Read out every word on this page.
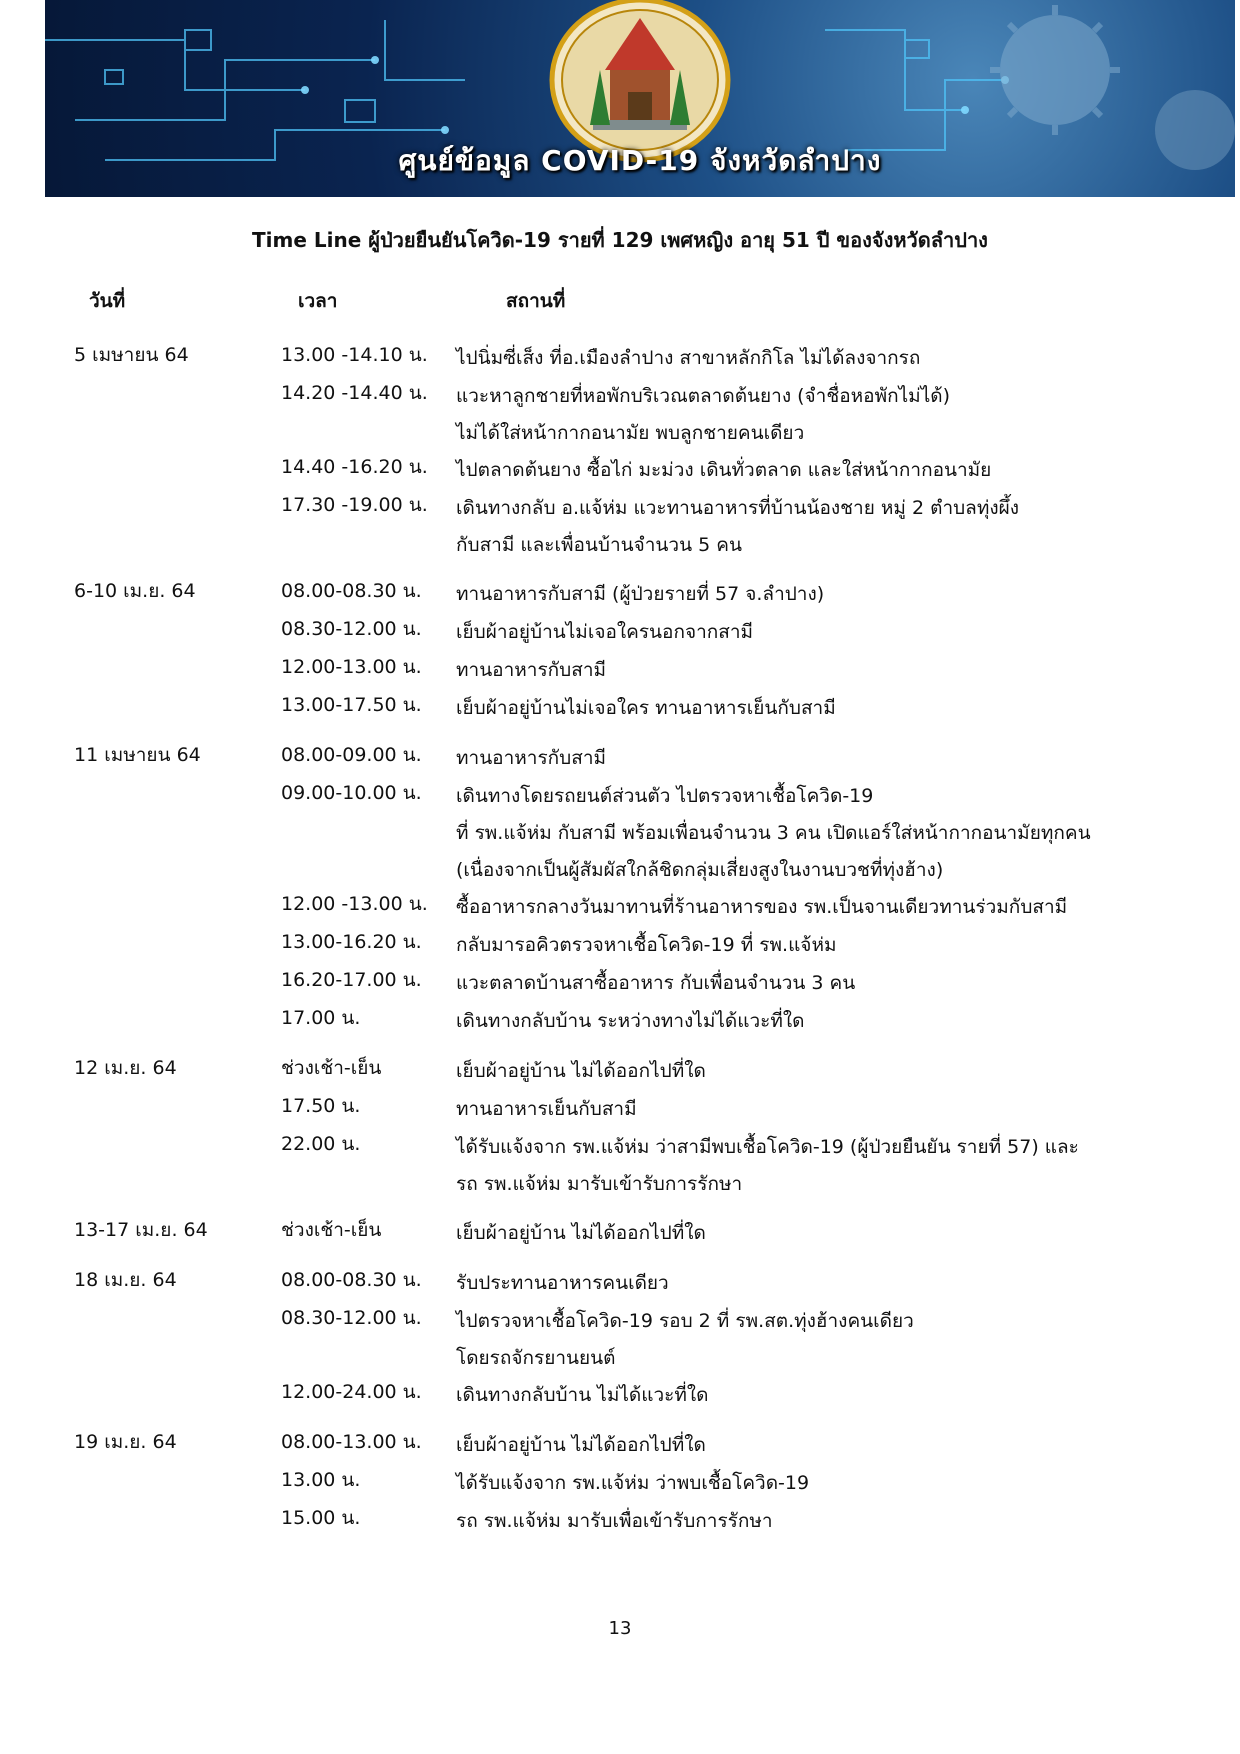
ศูนย์ข้อมูล COVID-19 จังหวัดลำปาง
Time Line ผู้ป่วยยืนยันโควิด-19 รายที่ 129 เพศหญิง อายุ 51 ปี ของจังหวัดลำปาง
วันที่	เวลา	สถานที่
5 เมษายน 64	13.00 -14.10 น. ไปนิ่มซี่เส็ง ที่อ.เมืองลำปาง สาขาหลักกิโล ไม่ได้ลงจากรถ
14.20 -14.40 น. แวะหาลูกชายที่หอพักบริเวณตลาดต้นยาง (จำชื่อหอพักไม่ได้)
ไม่ได้ใส่หน้ากากอนามัย พบลูกชายคนเดียว
14.40 -16.20 น. ไปตลาดต้นยาง ซื้อไก่ มะม่วง เดินทั่วตลาด และใส่หน้ากากอนามัย
17.30 -19.00 น. เดินทางกลับ อ.แจ้ห่ม แวะทานอาหารที่บ้านน้องชาย หมู่ 2 ตำบลทุ่งผึ้ง
กับสามี และเพื่อนบ้านจำนวน 5 คน
6-10 เม.ย. 64	08.00-08.30 น. ทานอาหารกับสามี (ผู้ป่วยรายที่ 57 จ.ลำปาง)
08.30-12.00 น. เย็บผ้าอยู่บ้านไม่เจอใครนอกจากสามี
12.00-13.00 น. ทานอาหารกับสามี
13.00-17.50 น. เย็บผ้าอยู่บ้านไม่เจอใคร ทานอาหารเย็นกับสามี
11 เมษายน 64	08.00-09.00 น. ทานอาหารกับสามี
09.00-10.00 น. เดินทางโดยรถยนต์ส่วนตัว ไปตรวจหาเชื้อโควิด-19
ที่ รพ.แจ้ห่ม กับสามี พร้อมเพื่อนจำนวน 3 คน เปิดแอร์ใส่หน้ากากอนามัยทุกคน
(เนื่องจากเป็นผู้สัมผัสใกล้ชิดกลุ่มเสี่ยงสูงในงานบวชที่ทุ่งฮ้าง)
12.00 -13.00 น. ซื้ออาหารกลางวันมาทานที่ร้านอาหารของ รพ.เป็นจานเดียวทานร่วมกับสามี
13.00-16.20 น. กลับมารอคิวตรวจหาเชื้อโควิด-19 ที่ รพ.แจ้ห่ม
16.20-17.00 น. แวะตลาดบ้านสาซื้ออาหาร กับเพื่อนจำนวน 3 คน
17.00 น.	เดินทางกลับบ้าน ระหว่างทางไม่ได้แวะที่ใด
12 เม.ย. 64	ช่วงเช้า-เย็น	เย็บผ้าอยู่บ้าน ไม่ได้ออกไปที่ใด
17.50 น.	ทานอาหารเย็นกับสามี
22.00 น.	ได้รับแจ้งจาก รพ.แจ้ห่ม ว่าสามีพบเชื้อโควิด-19 (ผู้ป่วยยืนยัน รายที่ 57) และ
รถ รพ.แจ้ห่ม มารับเข้ารับการรักษา
13-17 เม.ย. 64	ช่วงเช้า-เย็น	เย็บผ้าอยู่บ้าน ไม่ได้ออกไปที่ใด
18 เม.ย. 64	08.00-08.30 น. รับประทานอาหารคนเดียว
08.30-12.00 น. ไปตรวจหาเชื้อโควิด-19 รอบ 2 ที่ รพ.สต.ทุ่งฮ้างคนเดียว
โดยรถจักรยานยนต์
12.00-24.00 น. เดินทางกลับบ้าน ไม่ได้แวะที่ใด
19 เม.ย. 64	08.00-13.00 น. เย็บผ้าอยู่บ้าน ไม่ได้ออกไปที่ใด
13.00 น.	ได้รับแจ้งจาก รพ.แจ้ห่ม ว่าพบเชื้อโควิด-19
15.00 น.	รถ รพ.แจ้ห่ม มารับเพื่อเข้ารับการรักษา
13
